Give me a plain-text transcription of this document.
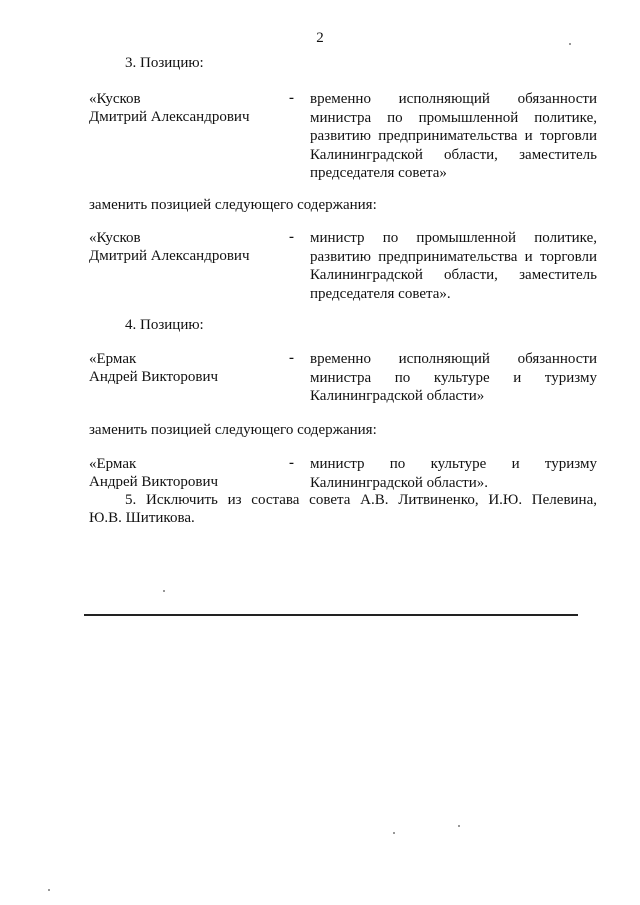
2
3. Позицию:
«Кусков
Дмитрий Александрович
- временно исполняющий обязанности
министра по промышленной политике,
развитию предпринимательства и торговли
Калининградской области, заместитель
председателя совета»
заменить позицией следующего содержания:
«Кусков
Дмитрий Александрович
- министр по промышленной политике,
развитию предпринимательства и торговли
Калининградской области, заместитель
председателя совета».
4. Позицию:
«Ермак
Андрей Викторович
- временно исполняющий обязанности
министра по культуре и туризму
Калининградской области»
заменить позицией следующего содержания:
«Ермак
Андрей Викторович
- министр по культуре и туризму
Калининградской области».
5. Исключить из состава совета А.В. Литвиненко, И.Ю. Пелевина,
Ю.В. Шитикова.
